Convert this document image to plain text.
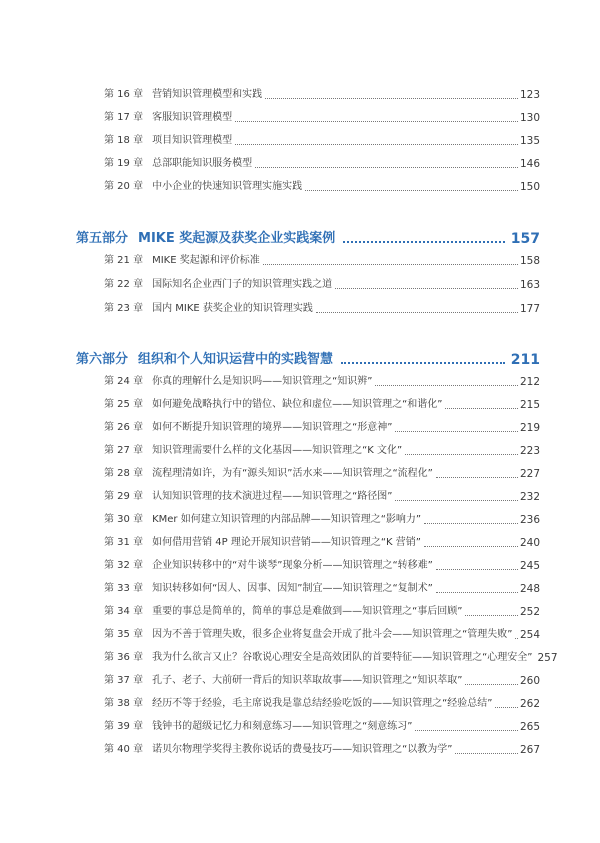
第 16 章 营销知识管理模型和实践	123
第 17 章 客服知识管理模型	130
第 18 章 项目知识管理模型	135
第 19 章 总部职能知识服务模型	146
第 20 章 中小企业的快速知识管理实施实践	150
第五部分 MIKE 奖起源及获奖企业实践案例	157
第 21 章 MIKE 奖起源和评价标准	158
第 22 章 国际知名企业西门子的知识管理实践之道	163
第 23 章 国内 MIKE 获奖企业的知识管理实践	177
第六部分 组织和个人知识运营中的实践智慧	211
第 24 章 你真的理解什么是知识吗——知识管理之“知识辨”	212
第 25 章 如何避免战略执行中的错位、缺位和虚位——知识管理之“和谐化”	215
第 26 章 如何不断提升知识管理的境界——知识管理之“形意神”	219
第 27 章 知识管理需要什么样的文化基因——知识管理之“K 文化”	223
第 28 章 流程理清如许，为有“源头知识”活水来——知识管理之“流程化”	227
第 29 章 认知知识管理的技术演进过程——知识管理之“路径图”	232
第 30 章 KMer 如何建立知识管理的内部品牌——知识管理之“影响力”	236
第 31 章 如何借用营销 4P 理论开展知识营销——知识管理之“K 营销”	240
第 32 章 企业知识转移中的“对牛谈琴”现象分析——知识管理之“转移难”	245
第 33 章 知识转移如何“因人、因事、因知”制宜——知识管理之“复制术”	248
第 34 章 重要的事总是简单的，简单的事总是难做到——知识管理之“事后回顾”	252
第 35 章 因为不善于管理失败，很多企业将复盘会开成了批斗会——知识管理之“管理失败” 254
第 36 章 我为什么欲言又止？谷歌说心理安全是高效团队的首要特征——知识管理之“心理安全” 257
第 37 章 孔子、老子、大前研一背后的知识萃取故事——知识管理之“知识萃取”	260
第 38 章 经历不等于经验，毛主席说我是靠总结经验吃饭的——知识管理之“经验总结”	262
第 39 章 钱钟书的超级记忆力和刻意练习——知识管理之“刻意练习”	265
第 40 章 诺贝尔物理学奖得主教你说话的费曼技巧——知识管理之“以教为学”	267
